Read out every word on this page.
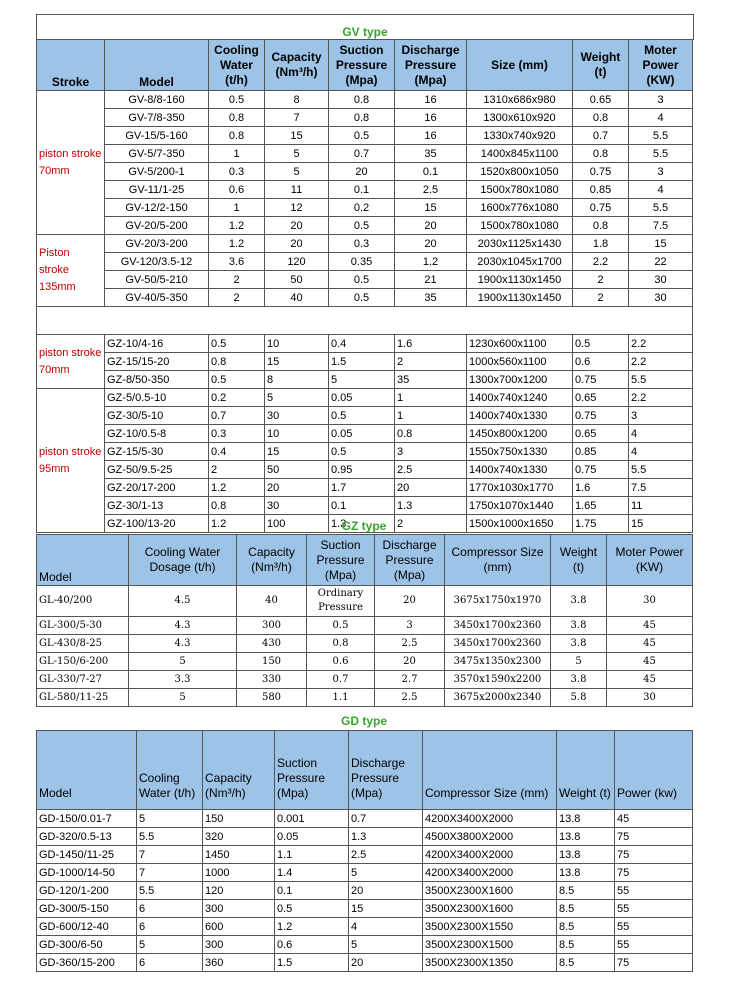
GV type
Stroke	Model	Cooling Water (t/h)	Capacity (Nm³/h)	Suction Pressure (Mpa)	Discharge Pressure (Mpa)	Size (mm)	Weight (t)	Moter Power (KW)
piston stroke 70mm	GV-8/8-160	0.5	8	0.8	16	1310x686x980	0.65	3
	GV-7/8-350	0.8	7	0.8	16	1300x610x920	0.8	4
	GV-15/5-160	0.8	15	0.5	16	1330x740x920	0.7	5.5
	GV-5/7-350	1	5	0.7	35	1400x845x1100	0.8	5.5
	GV-5/200-1	0.3	5	20	0.1	1520x800x1050	0.75	3
	GV-11/1-25	0.6	11	0.1	2.5	1500x780x1080	0.85	4
	GV-12/2-150	1	12	0.2	15	1600x776x1080	0.75	5.5
	GV-20/5-200	1.2	20	0.5	20	1500x780x1080	0.8	7.5
Piston stroke 135mm	GV-20/3-200	1.2	20	0.3	20	2030x1125x1430	1.8	15
	GV-120/3.5-12	3.6	120	0.35	1.2	2030x1045x1700	2.2	22
	GV-50/5-210	2	50	0.5	21	1900x1130x1450	2	30
	GV-40/5-350	2	40	0.5	35	1900x1130x1450	2	30

piston stroke 70mm	GZ-10/4-16	0.5	10	0.4	1.6	1230x600x1100	0.5	2.2
	GZ-15/15-20	0.8	15	1.5	2	1000x560x1100	0.6	2.2
	GZ-8/50-350	0.5	8	5	35	1300x700x1200	0.75	5.5
piston stroke 95mm	GZ-5/0.5-10	0.2	5	0.05	1	1400x740x1240	0.65	2.2
	GZ-30/5-10	0.7	30	0.5	1	1400x740x1330	0.75	3
	GZ-10/0.5-8	0.3	10	0.05	0.8	1450x800x1200	0.65	4
	GZ-15/5-30	0.4	15	0.5	3	1550x750x1330	0.85	4
	GZ-50/9.5-25	2	50	0.95	2.5	1400x740x1330	0.75	5.5
	GZ-20/17-200	1.2	20	1.7	20	1770x1030x1770	1.6	7.5
	GZ-30/1-13	0.8	30	0.1	1.3	1750x1070x1440	1.65	11
	GZ-100/13-20	1.2	100	1.3	2	1500x1000x1650	1.75	15
GZ type
Model	Cooling Water Dosage (t/h)	Capacity (Nm³/h)	Suction Pressure (Mpa)	Discharge Pressure (Mpa)	Compressor Size (mm)	Weight (t)	Moter Power (KW)
GL-40/200	4.5	40	Ordinary Pressure	20	3675x1750x1970	3.8	30
GL-300/5-30	4.3	300	0.5	3	3450x1700x2360	3.8	45
GL-430/8-25	4.3	430	0.8	2.5	3450x1700x2360	3.8	45
GL-150/6-200	5	150	0.6	20	3475x1350x2300	5	45
GL-330/7-27	3.3	330	0.7	2.7	3570x1590x2200	3.8	45
GL-580/11-25	5	580	1.1	2.5	3675x2000x2340	5.8	30
GD type
Model	Cooling Water (t/h)	Capacity (Nm³/h)	Suction Pressure (Mpa)	Discharge Pressure (Mpa)	Compressor Size (mm)	Weight (t)	Power (kw)
GD-150/0.01-7	5	150	0.001	0.7	4200X3400X2000	13.8	45
GD-320/0.5-13	5.5	320	0.05	1.3	4500X3800X2000	13.8	75
GD-1450/11-25	7	1450	1.1	2.5	4200X3400X2000	13.8	75
GD-1000/14-50	7	1000	1.4	5	4200X3400X2000	13.8	75
GD-120/1-200	5.5	120	0.1	20	3500X2300X1600	8.5	55
GD-300/5-150	6	300	0.5	15	3500X2300X1600	8.5	55
GD-600/12-40	6	600	1.2	4	3500X2300X1550	8.5	55
GD-300/6-50	5	300	0.6	5	3500X2300X1500	8.5	55
GD-360/15-200	6	360	1.5	20	3500X2300X1350	8.5	75
